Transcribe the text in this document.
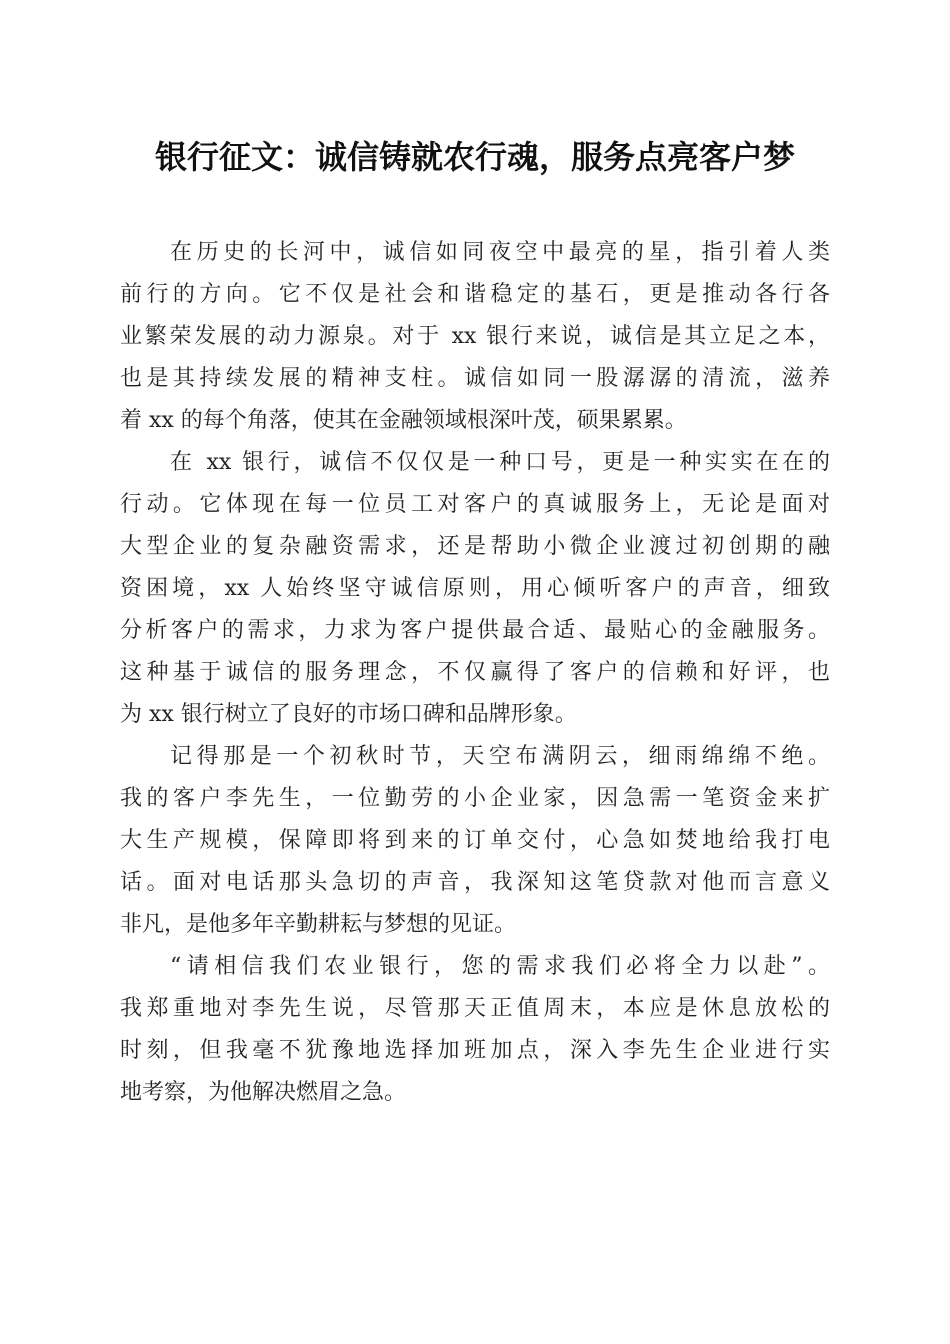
银行征文：诚信铸就农行魂，服务点亮客户梦

在历史的长河中，诚信如同夜空中最亮的星，指引着人类
前行的方向。它不仅是社会和谐稳定的基石，更是推动各行各
业繁荣发展的动力源泉。对于 xx 银行来说，诚信是其立足之本，
也是其持续发展的精神支柱。诚信如同一股潺潺的清流，滋养
着 xx 的每个角落，使其在金融领域根深叶茂，硕果累累。

在 xx 银行，诚信不仅仅是一种口号，更是一种实实在在的
行动。它体现在每一位员工对客户的真诚服务上，无论是面对
大型企业的复杂融资需求，还是帮助小微企业渡过初创期的融
资困境，xx 人始终坚守诚信原则，用心倾听客户的声音，细致
分析客户的需求，力求为客户提供最合适、最贴心的金融服务。
这种基于诚信的服务理念，不仅赢得了客户的信赖和好评，也
为 xx 银行树立了良好的市场口碑和品牌形象。

记得那是一个初秋时节，天空布满阴云，细雨绵绵不绝。
我的客户李先生，一位勤劳的小企业家，因急需一笔资金来扩
大生产规模，保障即将到来的订单交付，心急如焚地给我打电
话。面对电话那头急切的声音，我深知这笔贷款对他而言意义
非凡，是他多年辛勤耕耘与梦想的见证。

“请相信我们农业银行，您的需求我们必将全力以赴”。
我郑重地对李先生说，尽管那天正值周末，本应是休息放松的
时刻，但我毫不犹豫地选择加班加点，深入李先生企业进行实
地考察，为他解决燃眉之急。
